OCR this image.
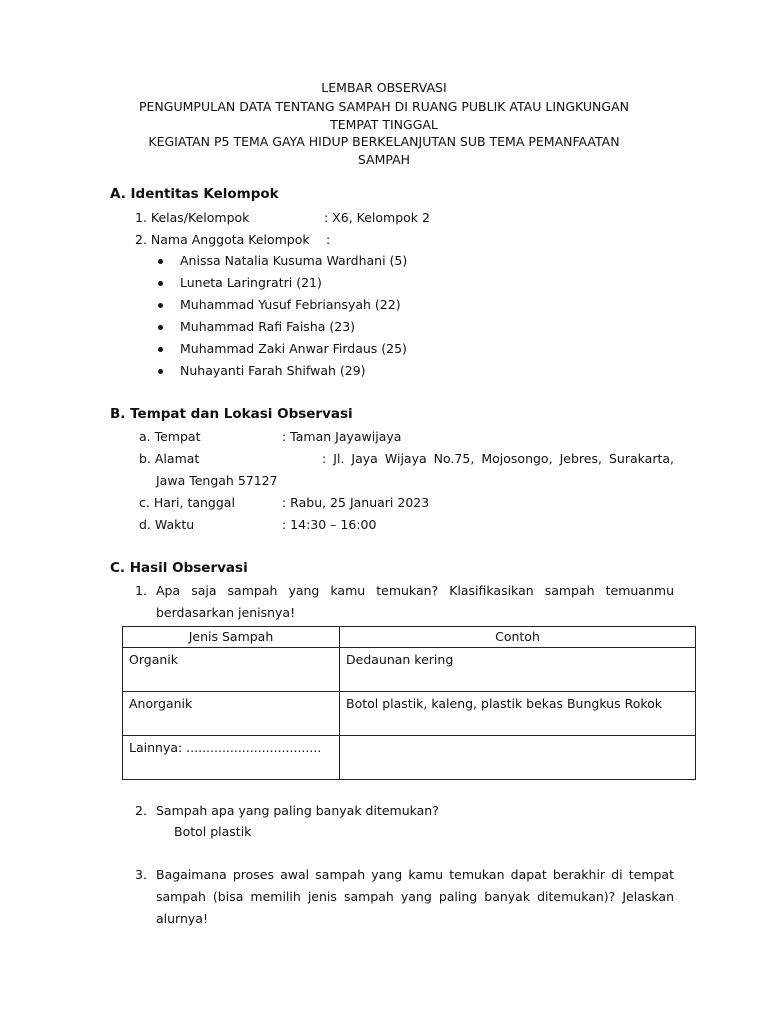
LEMBAR OBSERVASI
PENGUMPULAN DATA TENTANG SAMPAH DI RUANG PUBLIK ATAU LINGKUNGAN
TEMPAT TINGGAL
KEGIATAN P5 TEMA GAYA HIDUP BERKELANJUTAN SUB TEMA PEMANFAATAN
SAMPAH
A. Identitas Kelompok
1. Kelas/Kelompok	: X6, Kelompok 2
2. Nama Anggota Kelompok :
Anissa Natalia Kusuma Wardhani (5)
Luneta Laringratri (21)
Muhammad Yusuf Febriansyah (22)
Muhammad Rafi Faisha (23)
Muhammad Zaki Anwar Firdaus (25)
Nuhayanti Farah Shifwah (29)
B. Tempat dan Lokasi Observasi
a. Tempat	: Taman Jayawijaya
b. Alamat	: Jl. Jaya Wijaya No.75, Mojosongo, Jebres, Surakarta,
Jawa Tengah 57127
c. Hari, tanggal	: Rabu, 25 Januari 2023
d. Waktu	: 14:30 – 16:00
C. Hasil Observasi
1. Apa saja sampah yang kamu temukan? Klasifikasikan sampah temuanmu
berdasarkan jenisnya!
Jenis Sampah	Contoh
Organik	Dedaunan kering
Anorganik	Botol plastik, kaleng, plastik bekas Bungkus Rokok
Lainnya: ..................................	
2. Sampah apa yang paling banyak ditemukan?
Botol plastik
3. Bagaimana proses awal sampah yang kamu temukan dapat berakhir di tempat
sampah (bisa memilih jenis sampah yang paling banyak ditemukan)? Jelaskan
alurnya!
